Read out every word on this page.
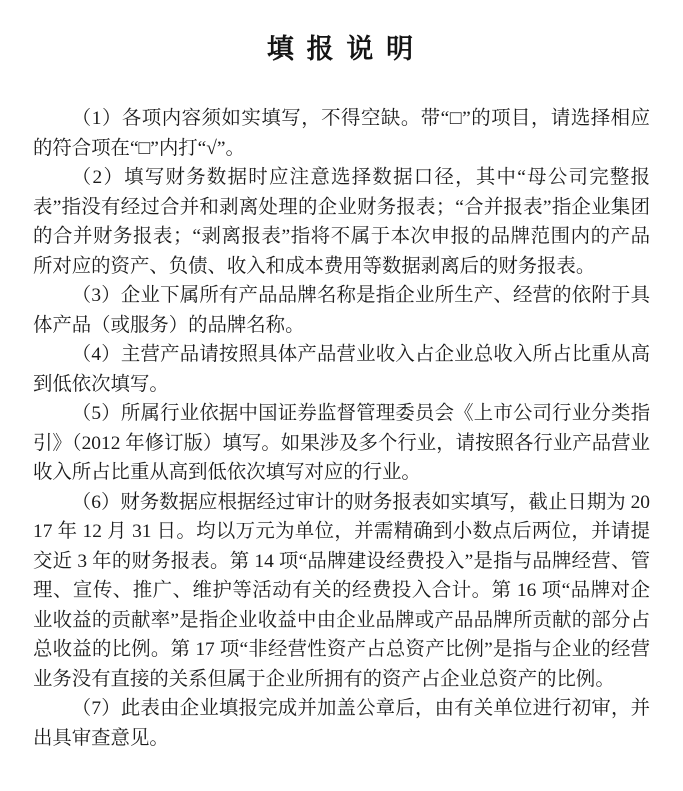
填 报 说 明

（1）各项内容须如实填写，不得空缺。带“□”的项目，请选择相应的符合项在“□”内打“√”。

（2）填写财务数据时应注意选择数据口径，其中“母公司完整报表”指没有经过合并和剥离处理的企业财务报表；“合并报表”指企业集团的合并财务报表；“剥离报表”指将不属于本次申报的品牌范围内的产品所对应的资产、负债、收入和成本费用等数据剥离后的财务报表。

（3）企业下属所有产品品牌名称是指企业所生产、经营的依附于具体产品（或服务）的品牌名称。

（4）主营产品请按照具体产品营业收入占企业总收入所占比重从高到低依次填写。

（5）所属行业依据中国证券监督管理委员会《上市公司行业分类指引》（2012 年修订版）填写。如果涉及多个行业，请按照各行业产品营业收入所占比重从高到低依次填写对应的行业。

（6）财务数据应根据经过审计的财务报表如实填写，截止日期为 2017 年 12 月 31 日。均以万元为单位，并需精确到小数点后两位，并请提交近 3 年的财务报表。第 14 项“品牌建设经费投入”是指与品牌经营、管理、宣传、推广、维护等活动有关的经费投入合计。第 16 项“品牌对企业收益的贡献率”是指企业收益中由企业品牌或产品品牌所贡献的部分占总收益的比例。第 17 项“非经营性资产占总资产比例”是指与企业的经营业务没有直接的关系但属于企业所拥有的资产占企业总资产的比例。

（7）此表由企业填报完成并加盖公章后，由有关单位进行初审，并出具审查意见。
